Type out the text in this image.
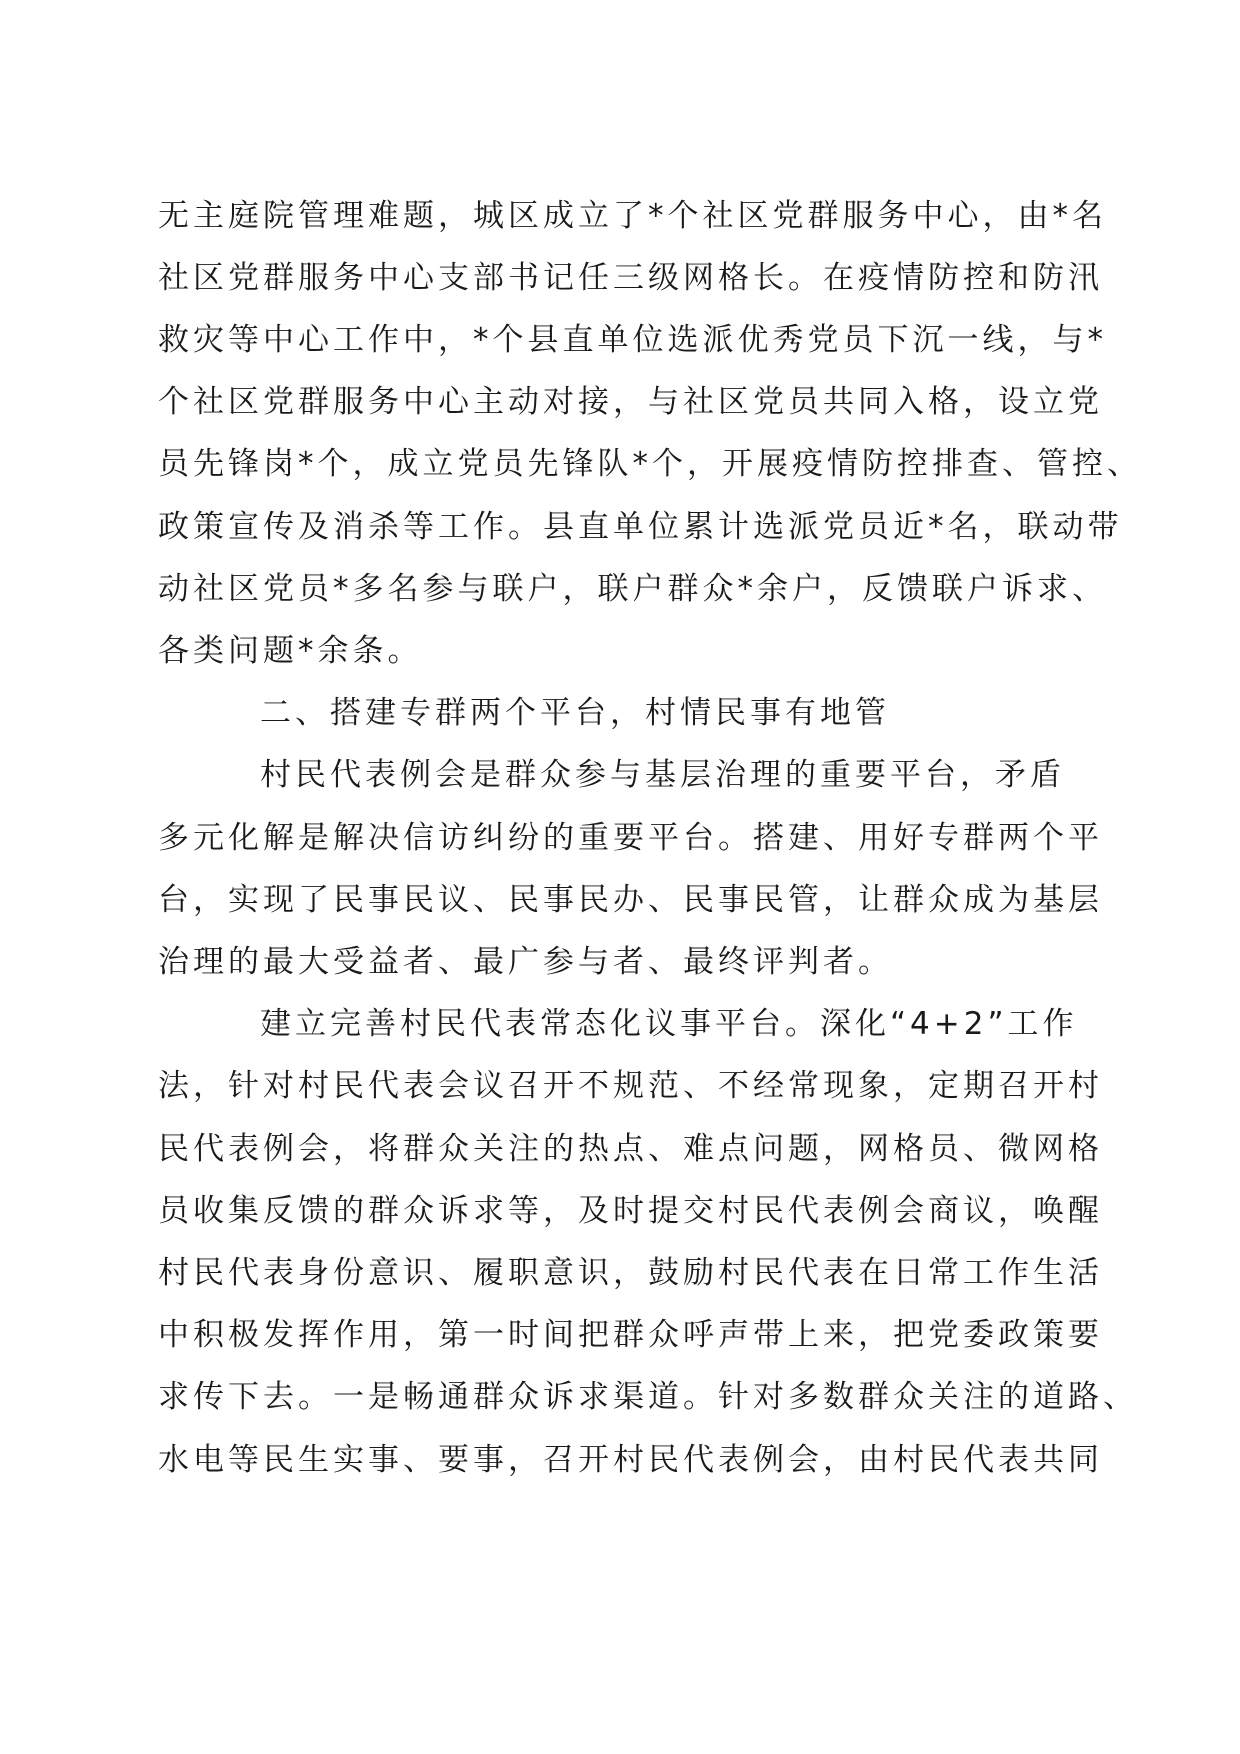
无主庭院管理难题，城区成立了*个社区党群服务中心，由*名
社区党群服务中心支部书记任三级网格长。在疫情防控和防汛
救灾等中心工作中，*个县直单位选派优秀党员下沉一线，与*
个社区党群服务中心主动对接，与社区党员共同入格，设立党
员先锋岗*个，成立党员先锋队*个，开展疫情防控排查、管控、
政策宣传及消杀等工作。县直单位累计选派党员近*名，联动带
动社区党员*多名参与联户，联户群众*余户，反馈联户诉求、
各类问题*余条。
二、搭建专群两个平台，村情民事有地管
村民代表例会是群众参与基层治理的重要平台，矛盾
多元化解是解决信访纠纷的重要平台。搭建、用好专群两个平
台，实现了民事民议、民事民办、民事民管，让群众成为基层
治理的最大受益者、最广参与者、最终评判者。
建立完善村民代表常态化议事平台。深化“4+2”工作
法，针对村民代表会议召开不规范、不经常现象，定期召开村
民代表例会，将群众关注的热点、难点问题，网格员、微网格
员收集反馈的群众诉求等，及时提交村民代表例会商议，唤醒
村民代表身份意识、履职意识，鼓励村民代表在日常工作生活
中积极发挥作用，第一时间把群众呼声带上来，把党委政策要
求传下去。一是畅通群众诉求渠道。针对多数群众关注的道路、
水电等民生实事、要事，召开村民代表例会，由村民代表共同
